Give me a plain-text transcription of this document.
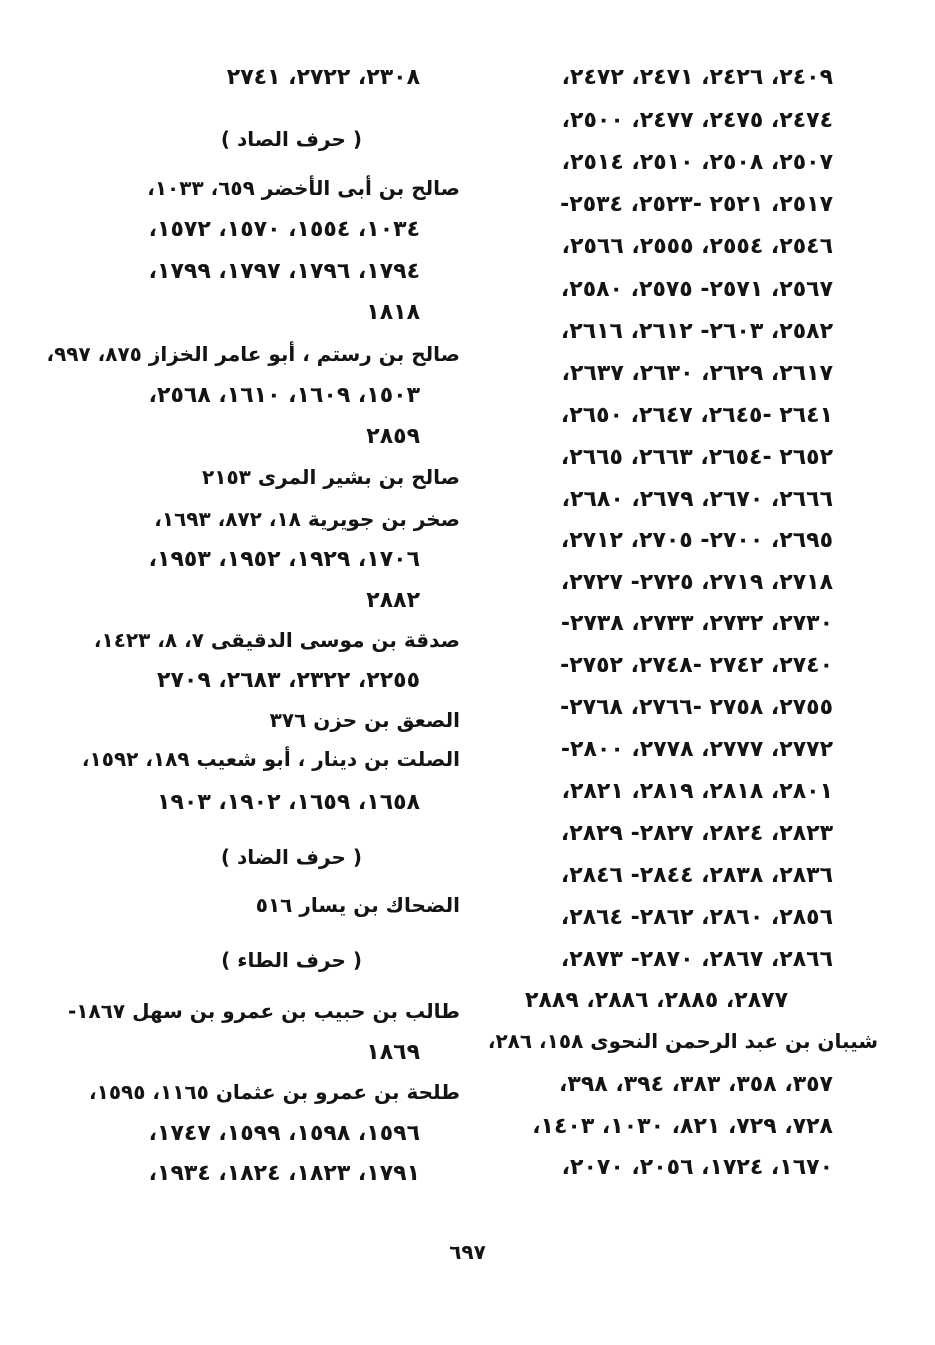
٢٤٠٩، ٢٤٢٦، ٢٤٧١، ٢٤٧٢،
٢٤٧٤، ٢٤٧٥، ٢٤٧٧، ٢٥٠٠،
٢٥٠٧، ٢٥٠٨، ٢٥١٠، ٢٥١٤،
٢٥١٧، ٢٥٢١ -٢٥٢٣، ٢٥٣٤-
٢٥٤٦، ٢٥٥٤، ٢٥٥٥، ٢٥٦٦،
٢٥٦٧، ٢٥٧١- ٢٥٧٥، ٢٥٨٠،
٢٥٨٢، ٢٦٠٣- ٢٦١٢، ٢٦١٦،
٢٦١٧، ٢٦٢٩، ٢٦٣٠، ٢٦٣٧،
٢٦٤١ -٢٦٤٥، ٢٦٤٧، ٢٦٥٠،
٢٦٥٢ -٢٦٥٤، ٢٦٦٣، ٢٦٦٥،
٢٦٦٦، ٢٦٧٠، ٢٦٧٩، ٢٦٨٠،
٢٦٩٥، ٢٧٠٠- ٢٧٠٥، ٢٧١٢،
٢٧١٨، ٢٧١٩، ٢٧٢٥- ٢٧٢٧،
٢٧٣٠، ٢٧٣٢، ٢٧٣٣، ٢٧٣٨-
٢٧٤٠، ٢٧٤٢ -٢٧٤٨، ٢٧٥٢-
٢٧٥٥، ٢٧٥٨ -٢٧٦٦، ٢٧٦٨-
٢٧٧٢، ٢٧٧٧، ٢٧٧٨، ٢٨٠٠-
٢٨٠١، ٢٨١٨، ٢٨١٩، ٢٨٢١،
٢٨٢٣، ٢٨٢٤، ٢٨٢٧- ٢٨٢٩،
٢٨٣٦، ٢٨٣٨، ٢٨٤٤- ٢٨٤٦،
٢٨٥٦، ٢٨٦٠، ٢٨٦٢- ٢٨٦٤،
٢٨٦٦، ٢٨٦٧، ٢٨٧٠- ٢٨٧٣،
٢٨٧٧، ٢٨٨٥، ٢٨٨٦، ٢٨٨٩
شيبان بن عبد الرحمن النحوى ١٥٨، ٢٨٦،
٣٥٧، ٣٥٨، ٣٨٣، ٣٩٤، ٣٩٨،
٧٢٨، ٧٢٩، ٨٢١، ١٠٣٠، ١٤٠٣،
١٦٧٠، ١٧٢٤، ٢٠٥٦، ٢٠٧٠،
٢٣٠٨، ٢٧٢٢، ٢٧٤١
( حرف الصاد )
صالح بن أبى الأخضر ٦٥٩، ١٠٣٣،
١٠٣٤، ١٥٥٤، ١٥٧٠، ١٥٧٢،
١٧٩٤، ١٧٩٦، ١٧٩٧، ١٧٩٩،
١٨١٨
صالح بن رستم ، أبو عامر الخزاز ٨٧٥، ٩٩٧،
١٥٠٣، ١٦٠٩، ١٦١٠، ٢٥٦٨،
٢٨٥٩
صالح بن بشير المرى ٢١٥٣
صخر بن جويرية ١٨، ٨٧٢، ١٦٩٣،
١٧٠٦، ١٩٢٩، ١٩٥٢، ١٩٥٣،
٢٨٨٢
صدقة بن موسى الدقيقى ٧، ٨، ١٤٢٣،
٢٢٥٥، ٢٣٢٢، ٢٦٨٣، ٢٧٠٩
الصعق بن حزن ٣٧٦
الصلت بن دينار ، أبو شعيب ١٨٩، ١٥٩٢،
١٦٥٨، ١٦٥٩، ١٩٠٢، ١٩٠٣
( حرف الضاد )
الضحاك بن يسار ٥١٦
( حرف الطاء )
طالب بن حبيب بن عمرو بن سهل ١٨٦٧-
١٨٦٩
طلحة بن عمرو بن عثمان ١١٦٥، ١٥٩٥،
١٥٩٦، ١٥٩٨، ١٥٩٩، ١٧٤٧،
١٧٩١، ١٨٢٣، ١٨٢٤، ١٩٣٤،
٦٩٧
